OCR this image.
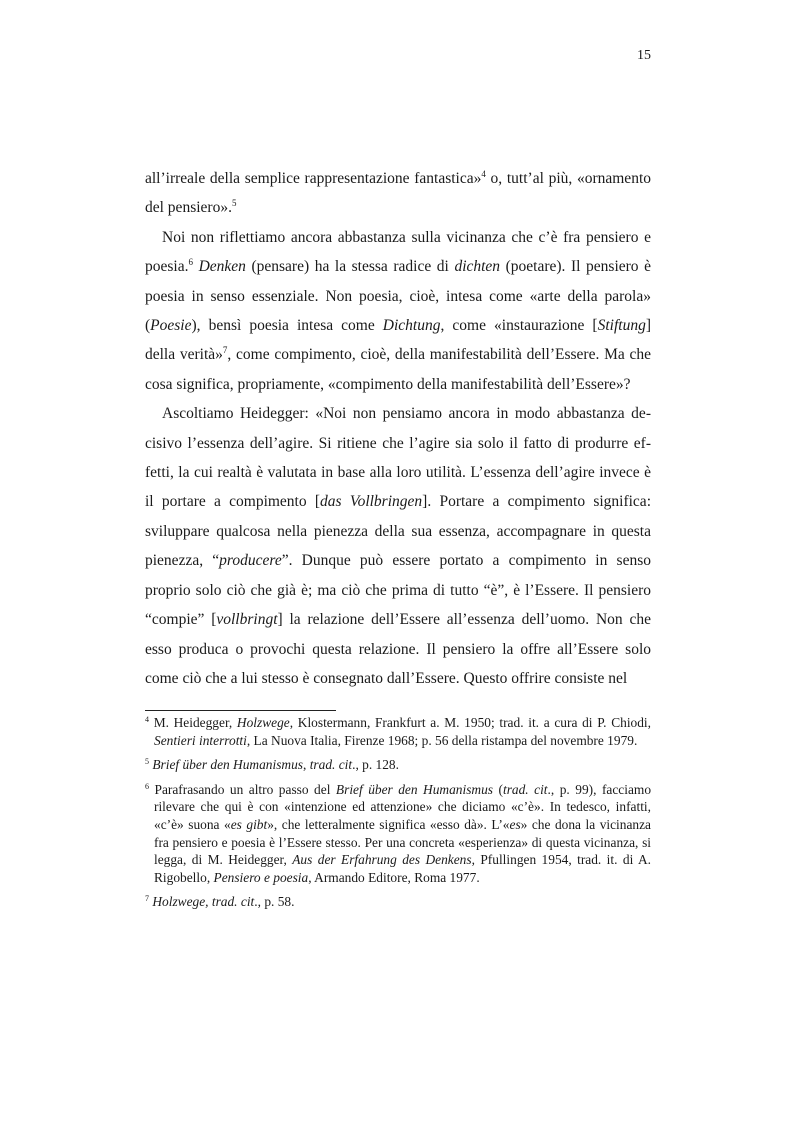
15

all’irreale della semplice rappresentazione fantastica»$^4$ o, tutt’al più, «ornamento del pensiero».$^5$

Noi non riflettiamo ancora abbastanza sulla vicinanza che c’è fra pensiero e poesia.$^6$ Denken (pensare) ha la stessa radice di dichten (poetare). Il pensiero è poesia in senso essenziale. Non poesia, cioè, intesa come «arte della parola» (Poesie), bensì poesia intesa come Dichtung, come «instaurazione [Stiftung] della verità»$^7$, come compimento, cioè, della manifestabilità dell’Essere. Ma che cosa significa, propriamente, «compimento della manifestabilità dell’Essere»?

Ascoltiamo Heidegger: «Noi non pensiamo ancora in modo abbastanza decisivo l’essenza dell’agire. Si ritiene che l’agire sia solo il fatto di produrre effetti, la cui realtà è valutata in base alla loro utilità. L’essenza dell’agire invece è il portare a compimento [das Vollbringen]. Portare a compimento significa: sviluppare qualcosa nella pienezza della sua essenza, accompagnare in questa pienezza, “producere”. Dunque può essere portato a compimento in senso proprio solo ciò che già è; ma ciò che prima di tutto “è”, è l’Essere. Il pensiero “compie” [vollbringt] la relazione dell’Essere all’essenza dell’uomo. Non che esso produca o provochi questa relazione. Il pensiero la offre all’Essere solo come ciò che a lui stesso è consegnato dall’Essere. Questo offrire consiste nel

$^4$ M. Heidegger, Holzwege, Klostermann, Frankfurt a. M. 1950; trad. it. a cura di P. Chiodi, Sentieri interrotti, La Nuova Italia, Firenze 1968; p. 56 della ristampa del novembre 1979.
$^5$ Brief über den Humanismus, trad. cit., p. 128.
$^6$ Parafrasando un altro passo del Brief über den Humanismus (trad. cit., p. 99), facciamo rilevare che qui è con «intenzione ed attenzione» che diciamo «c’è». In tedesco, infatti, «c’è» suona «es gibt», che letteralmente significa «esso dà». L’«es» che dona la vicinanza fra pensiero e poesia è l’Essere stesso. Per una concreta «esperienza» di questa vicinanza, si legga, di M. Heidegger, Aus der Erfahrung des Denkens, Pfullingen 1954, trad. it. di A. Rigobello, Pensiero e poesia, Armando Editore, Roma 1977.
$^7$ Holzwege, trad. cit., p. 58.
